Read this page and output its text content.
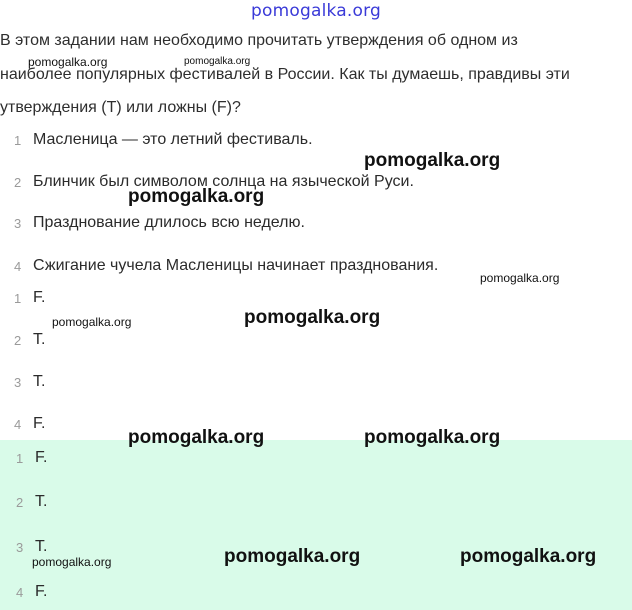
pomogalka.org
В этом задании нам необходимо прочитать утверждения об одном из
наиболее популярных фестивалей в России. Как ты думаешь, правдивы эти
утверждения (T) или ложны (F)?
1 Масленица — это летний фестиваль.
2 Блинчик был символом солнца на языческой Руси.
3 Празднование длилось всю неделю.
4 Сжигание чучела Масленицы начинает празднования.
1 F.
2 T.
3 T.
4 F.
1 F.
2 T.
3 T.
4 F.
pomogalka.org	pomogalka.org
pomogalka.org
pomogalka.org
pomogalka.org
pomogalka.org	pomogalka.org
pomogalka.org	pomogalka.org
pomogalka.org	pomogalka.org	pomogalka.org
